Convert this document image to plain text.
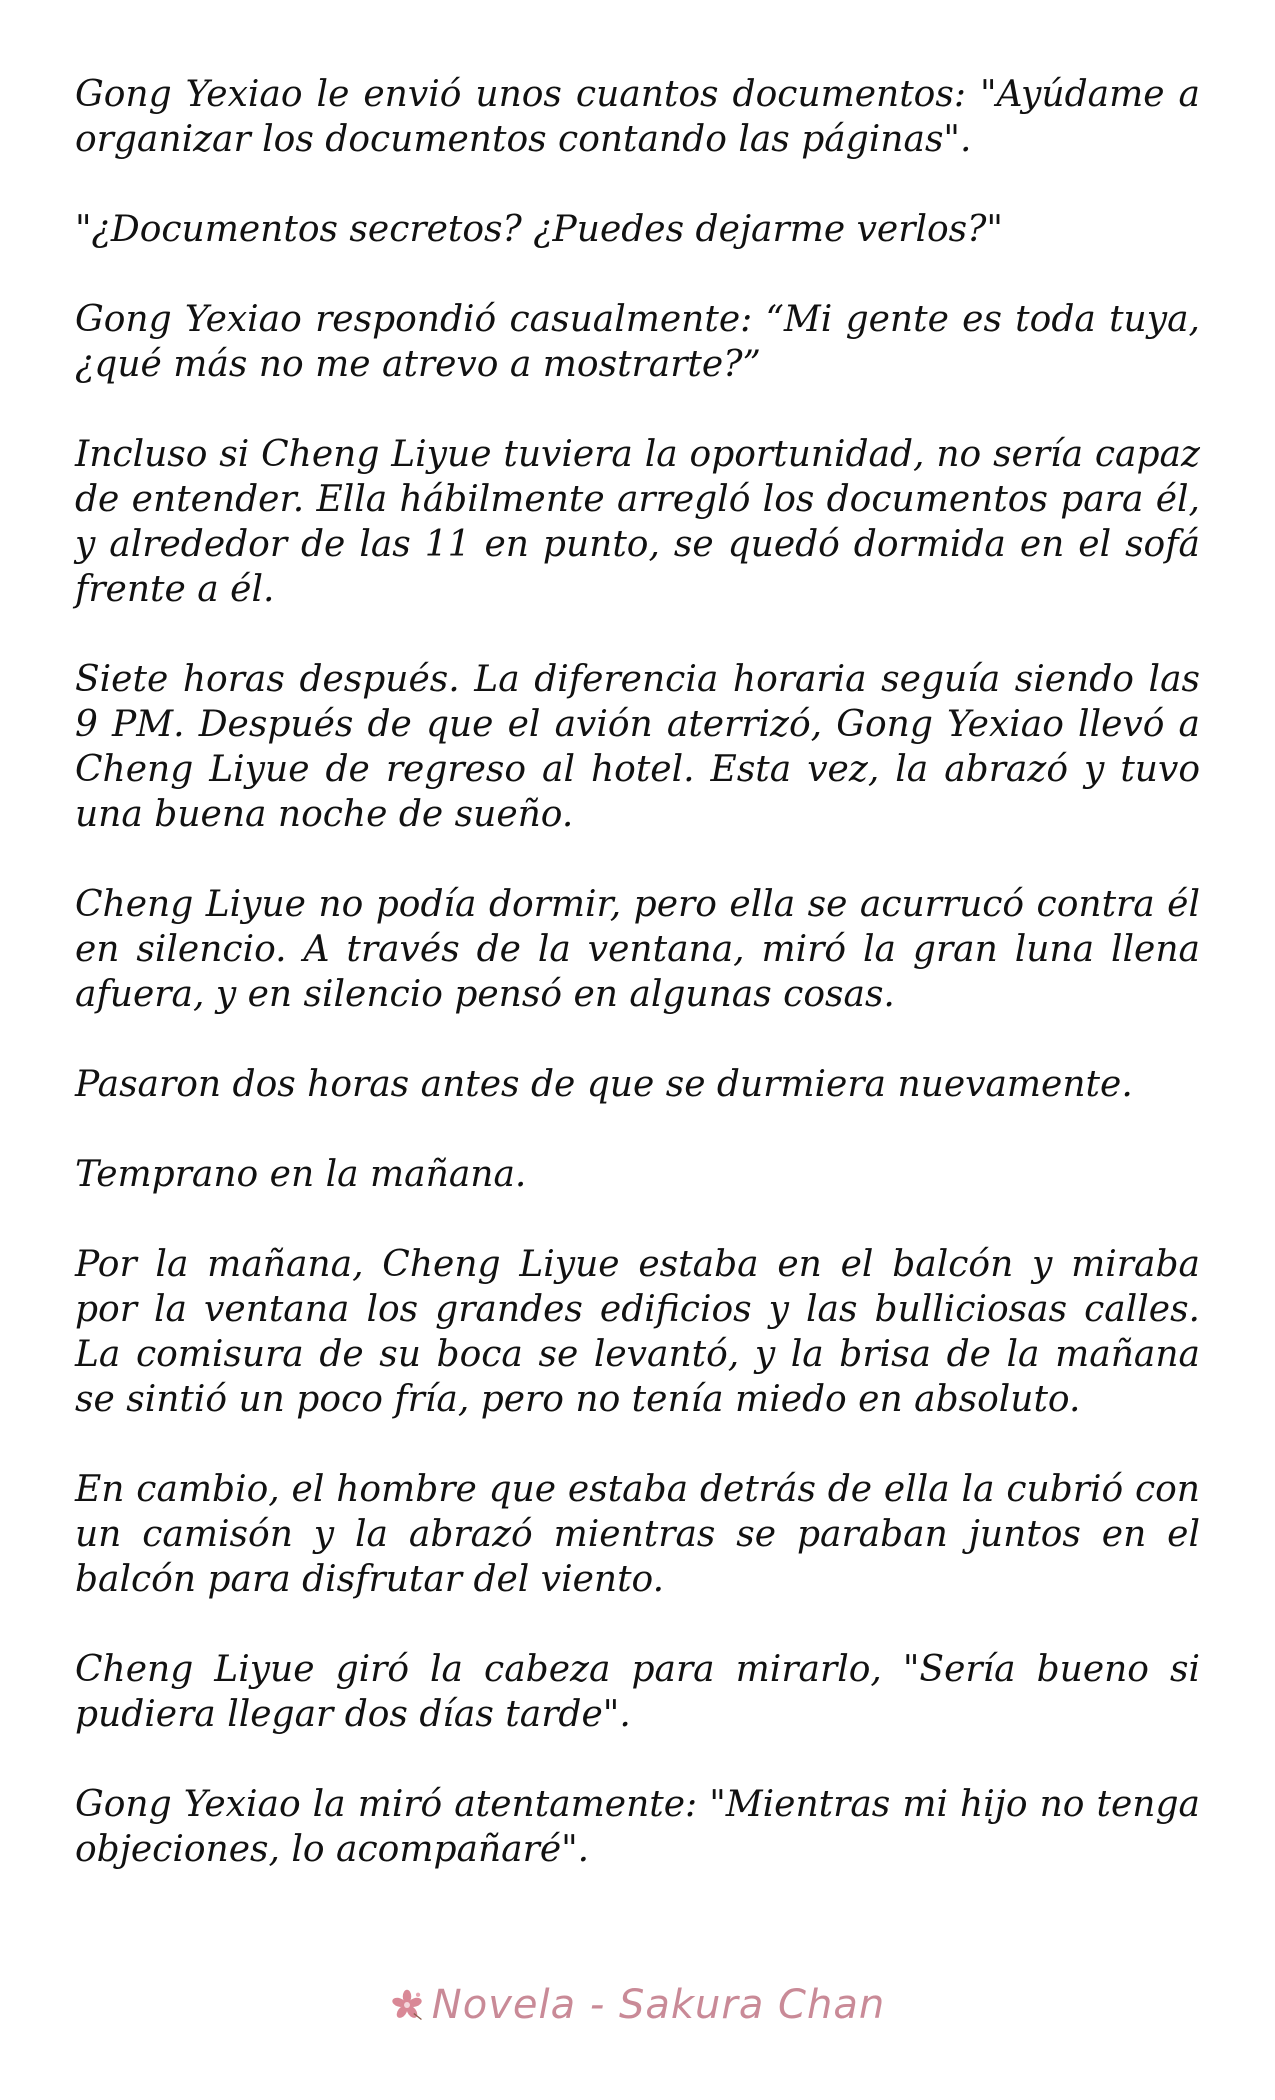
Gong Yexiao le envió unos cuantos documentos: "Ayúdame a organizar los documentos contando las páginas".

"¿Documentos secretos? ¿Puedes dejarme verlos?"

Gong Yexiao respondió casualmente: “Mi gente es toda tuya, ¿qué más no me atrevo a mostrarte?”

Incluso si Cheng Liyue tuviera la oportunidad, no sería capaz de entender. Ella hábilmente arregló los documentos para él, y alrededor de las 11 en punto, se quedó dormida en el sofá frente a él.

Siete horas después. La diferencia horaria seguía siendo las 9 PM. Después de que el avión aterrizó, Gong Yexiao llevó a Cheng Liyue de regreso al hotel. Esta vez, la abrazó y tuvo una buena noche de sueño.

Cheng Liyue no podía dormir, pero ella se acurrucó contra él en silencio. A través de la ventana, miró la gran luna llena afuera, y en silencio pensó en algunas cosas.

Pasaron dos horas antes de que se durmiera nuevamente.

Temprano en la mañana.

Por la mañana, Cheng Liyue estaba en el balcón y miraba por la ventana los grandes edificios y las bulliciosas calles. La comisura de su boca se levantó, y la brisa de la mañana se sintió un poco fría, pero no tenía miedo en absoluto.

En cambio, el hombre que estaba detrás de ella la cubrió con un camisón y la abrazó mientras se paraban juntos en el balcón para disfrutar del viento.

Cheng Liyue giró la cabeza para mirarlo, "Sería bueno si pudiera llegar dos días tarde".

Gong Yexiao la miró atentamente: "Mientras mi hijo no tenga objeciones, lo acompañaré".

Novela - Sakura Chan
